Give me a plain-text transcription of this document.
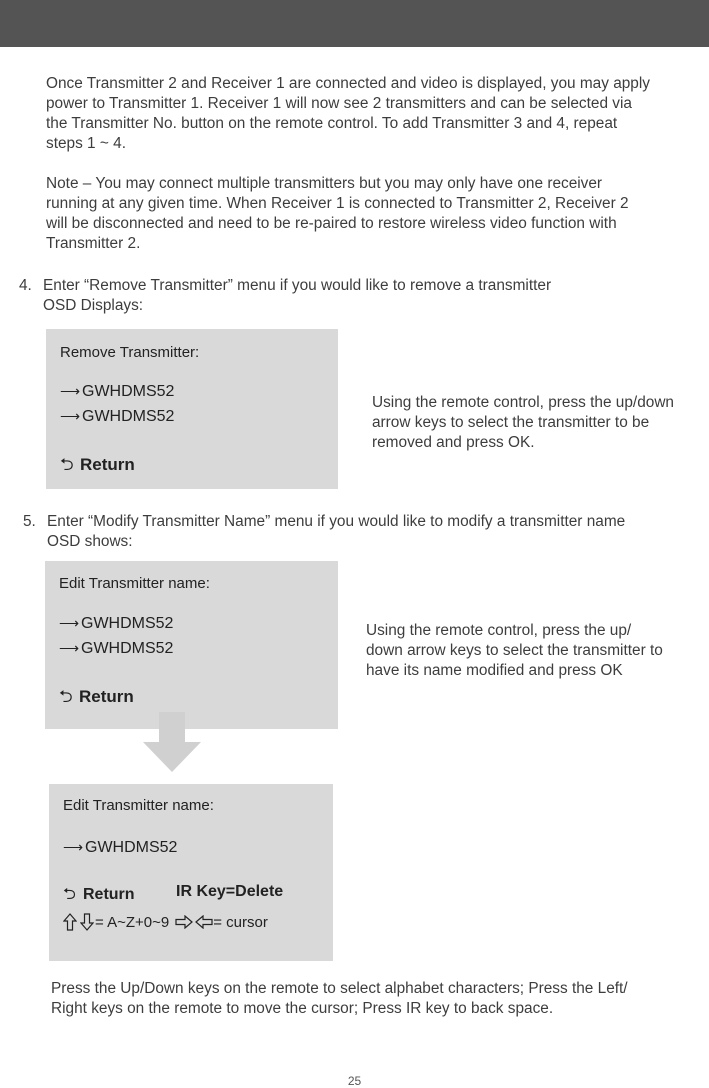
Once Transmitter 2 and Receiver 1 are connected and video is displayed, you may apply
power to Transmitter 1. Receiver 1 will now see 2 transmitters and can be selected via
the Transmitter No. button on the remote control. To add Transmitter 3 and 4, repeat
steps 1 ~ 4.
Note – You may connect multiple transmitters but you may only have one receiver
running at any given time. When Receiver 1 is connected to Transmitter 2, Receiver 2
will be disconnected and need to be re-paired to restore wireless video function with
Transmitter 2.
4. Enter “Remove Transmitter” menu if you would like to remove a transmitter
OSD Displays:
Remove Transmitter:
⟶ GWHDMS52
⟶ GWHDMS52
⮌ Return
Using the remote control, press the up/down
arrow keys to select the transmitter to be
removed and press OK.
5. Enter “Modify Transmitter Name” menu if you would like to modify a transmitter name
OSD shows:
Edit Transmitter name:
⟶ GWHDMS52
⟶ GWHDMS52
⮌ Return
Using the remote control, press the up/
down arrow keys to select the transmitter to
have its name modified and press OK
Edit Transmitter name:
⟶ GWHDMS52
⮌ Return	IR Key=Delete
= A~Z+0~9	= cursor
Press the Up/Down keys on the remote to select alphabet characters; Press the Left/
Right keys on the remote to move the cursor; Press IR key to back space.
25
